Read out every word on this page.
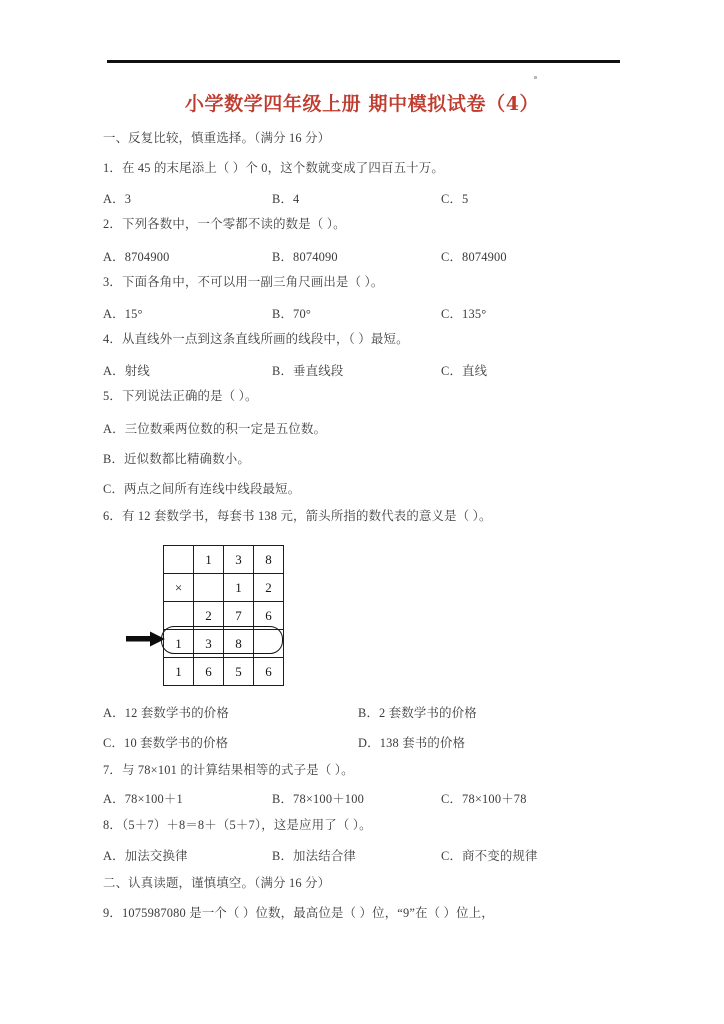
小学数学四年级上册 期中模拟试卷（4）
一、反复比较，慎重选择。（满分 16 分）
1．在 45 的末尾添上（ ）个 0，这个数就变成了四百五十万。
A．3	B．4	C．5
2．下列各数中，一个零都不读的数是（ ）。
A．8704900	B．8074090	C．8074900
3．下面各角中，不可以用一副三角尺画出是（ ）。
A．15°	B．70°	C．135°
4．从直线外一点到这条直线所画的线段中，（ ）最短。
A．射线	B．垂直线段	C．直线
5．下列说法正确的是（ ）。
A．三位数乘两位数的积一定是五位数。
B．近似数都比精确数小。
C．两点之间所有连线中线段最短。
6．有 12 套数学书，每套书 138 元，箭头所指的数代表的意义是（ ）。
	1	3	8
×		1	2
	2	7	6
1	3	8	
1	6	5	6
A．12 套数学书的价格	B．2 套数学书的价格
C．10 套数学书的价格	D．138 套书的价格
7．与 78×101 的计算结果相等的式子是（ ）。
A．78×100＋1	B．78×100＋100	C．78×100＋78
8．（5＋7）＋8＝8＋（5＋7），这是应用了（ ）。
A．加法交换律	B．加法结合律	C．商不变的规律
二、认真读题，谨慎填空。（满分 16 分）
9．1075987080 是一个（ ）位数，最高位是（ ）位，“9”在（ ）位上，
